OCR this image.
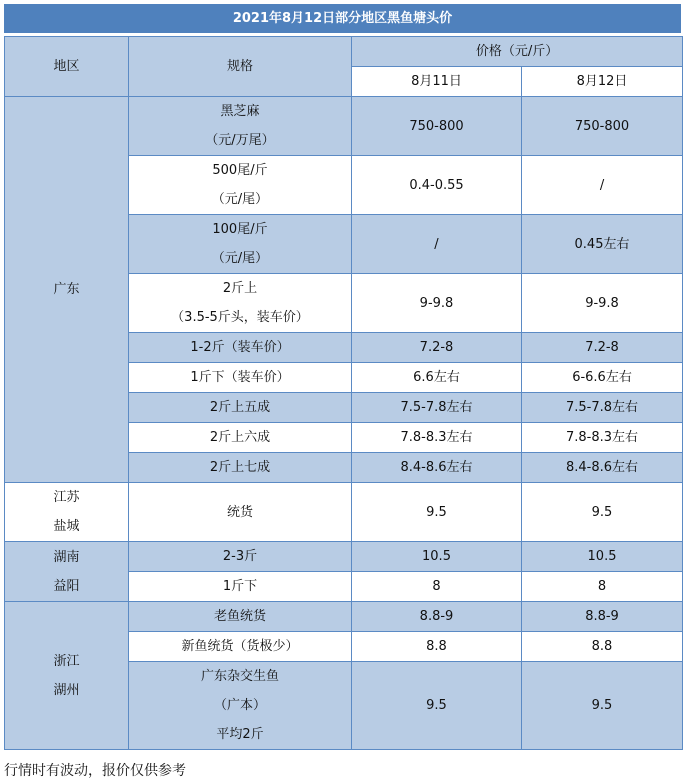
2021年8月12日部分地区黑鱼塘头价
地区	规格	价格（元/斤）	
		8月11日	8月12日

广东	黑芝麻
（元/万尾）	750-800	750-800

	500尾/斤
（元/尾）	0.4-0.55	/

	100尾/斤
（元/尾）	/	0.45左右

	2斤上
（3.5-5斤头，装车价）	9-9.8	9-9.8

	1-2斤（装车价）	7.2-8	7.2-8

	1斤下（装车价）	6.6左右	6-6.6左右

	2斤上五成	7.5-7.8左右	7.5-7.8左右

	2斤上六成	7.8-8.3左右	7.8-8.3左右

	2斤上七成	8.4-8.6左右	8.4-8.6左右

江苏
盐城	统货	9.5	9.5

湖南
益阳	2-3斤	10.5	10.5

	1斤下	8	8

浙江
湖州	老鱼统货	8.8-9	8.8-9

	新鱼统货（货极少）	8.8	8.8

	广东杂交生鱼
（广本）
平均2斤	9.5	9.5
行情时有波动，报价仅供参考
